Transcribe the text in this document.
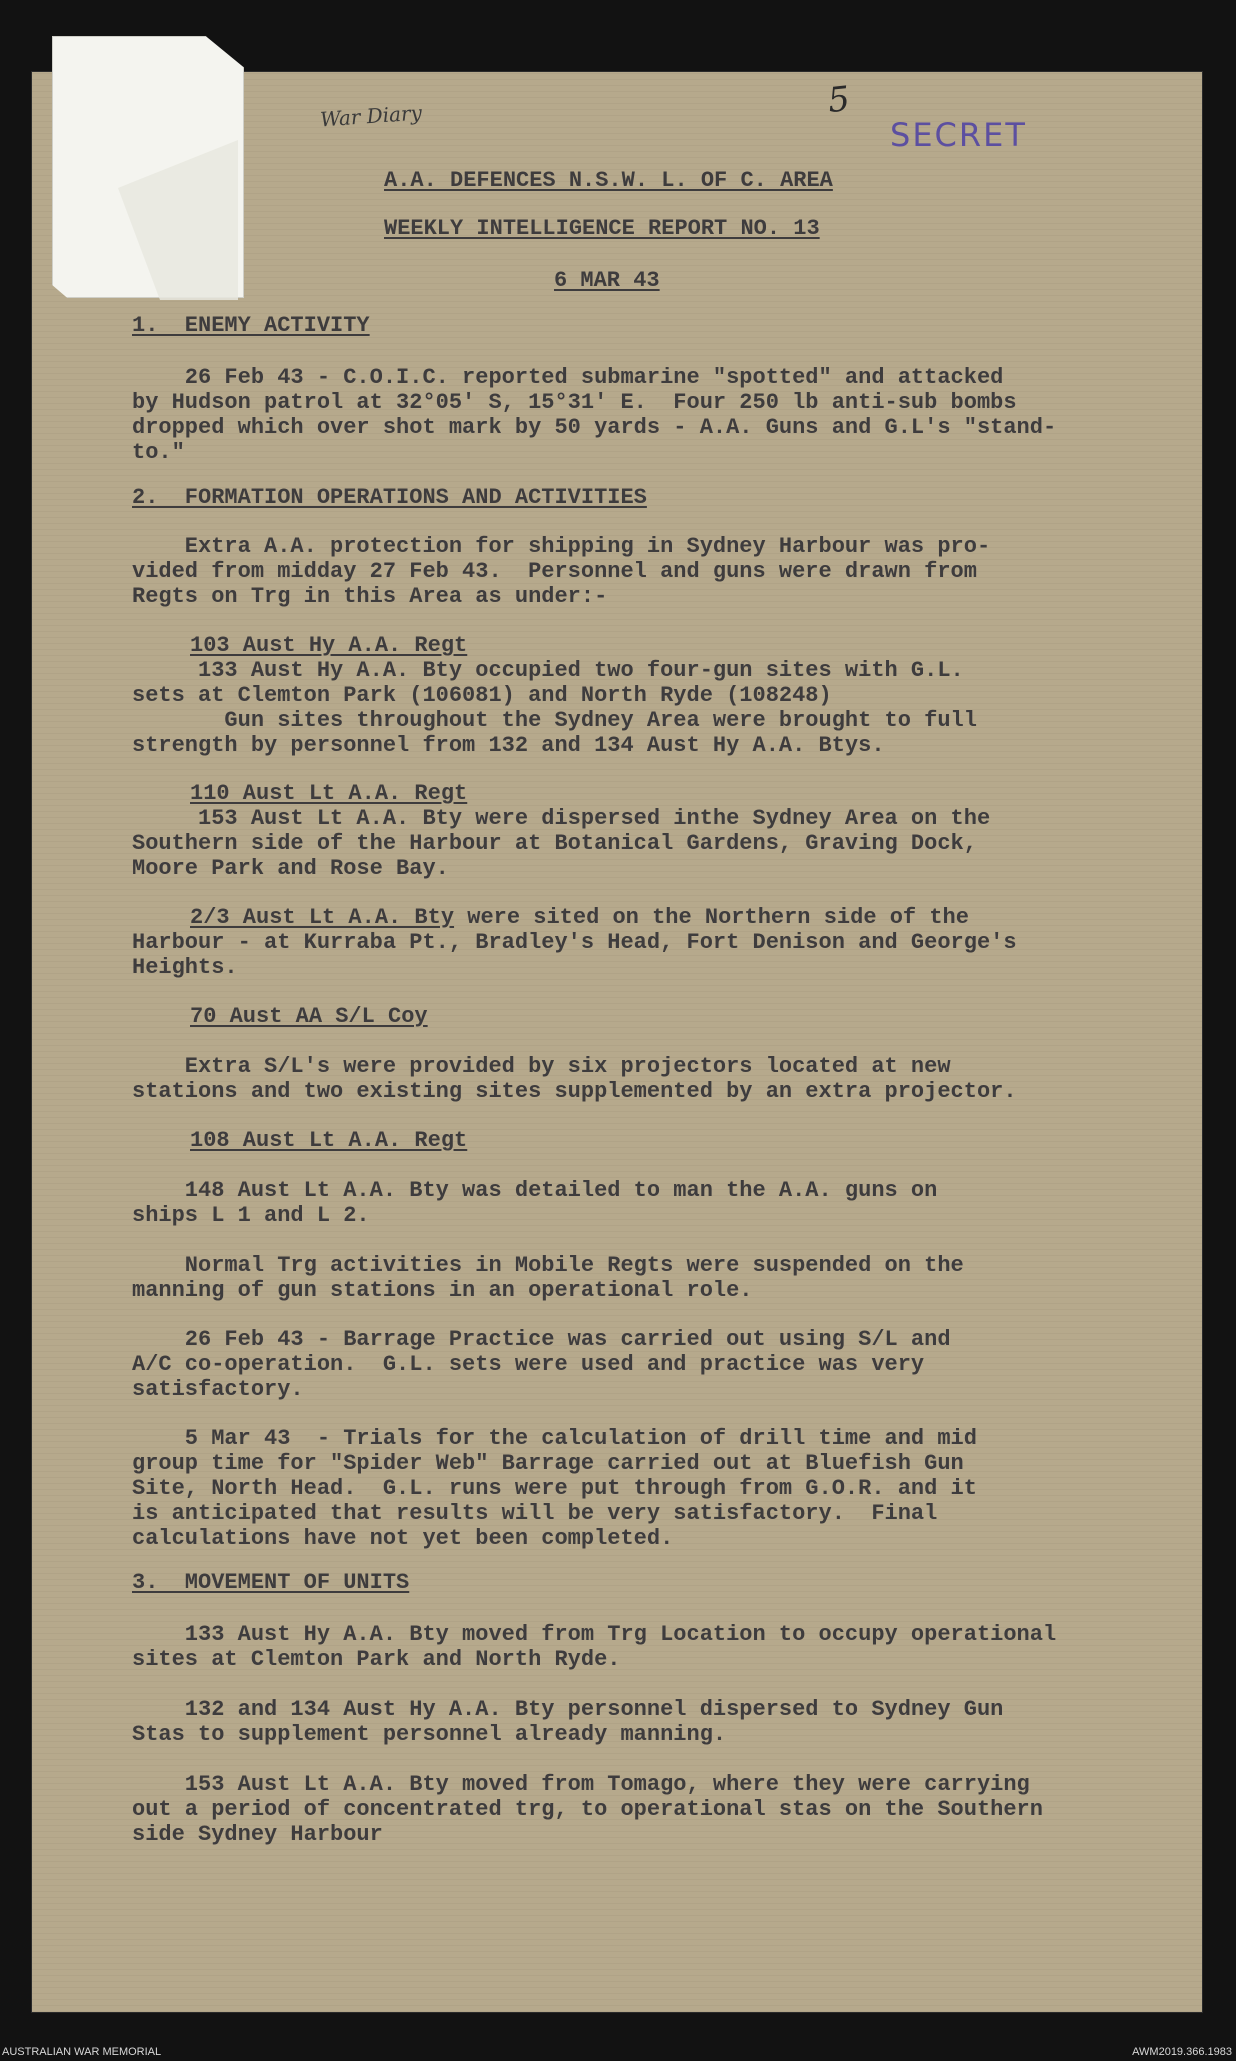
War Diary	5
SECRET
A.A. DEFENCES N.S.W. L. OF C. AREA
WEEKLY INTELLIGENCE REPORT NO. 13
6 MAR 43
1.  ENEMY ACTIVITY
26 Feb 43 - C.O.I.C. reported submarine "spotted" and attacked
by Hudson patrol at 32°05' S, 15°31' E.  Four 250 lb anti-sub bombs
dropped which over shot mark by 50 yards - A.A. Guns and G.L's "stand-
to."
2.  FORMATION OPERATIONS AND ACTIVITIES
Extra A.A. protection for shipping in Sydney Harbour was pro-
vided from midday 27 Feb 43.  Personnel and guns were drawn from
Regts on Trg in this Area as under:-
103 Aust Hy A.A. Regt
133 Aust Hy A.A. Bty occupied two four-gun sites with G.L.
sets at Clemton Park (106081) and North Ryde (108248)
Gun sites throughout the Sydney Area were brought to full
strength by personnel from 132 and 134 Aust Hy A.A. Btys.
110 Aust Lt A.A. Regt
153 Aust Lt A.A. Bty were dispersed inthe Sydney Area on the
Southern side of the Harbour at Botanical Gardens, Graving Dock,
Moore Park and Rose Bay.
2/3 Aust Lt A.A. Bty were sited on the Northern side of the
Harbour - at Kurraba Pt., Bradley's Head, Fort Denison and George's
Heights.
70 Aust AA S/L Coy
Extra S/L's were provided by six projectors located at new
stations and two existing sites supplemented by an extra projector.
108 Aust Lt A.A. Regt
148 Aust Lt A.A. Bty was detailed to man the A.A. guns on
ships L 1 and L 2.
Normal Trg activities in Mobile Regts were suspended on the
manning of gun stations in an operational role.
26 Feb 43 - Barrage Practice was carried out using S/L and
A/C co-operation.  G.L. sets were used and practice was very
satisfactory.
5 Mar 43  - Trials for the calculation of drill time and mid
group time for "Spider Web" Barrage carried out at Bluefish Gun
Site, North Head.  G.L. runs were put through from G.O.R. and it
is anticipated that results will be very satisfactory.  Final
calculations have not yet been completed.
3.  MOVEMENT OF UNITS
133 Aust Hy A.A. Bty moved from Trg Location to occupy operational
sites at Clemton Park and North Ryde.
132 and 134 Aust Hy A.A. Bty personnel dispersed to Sydney Gun
Stas to supplement personnel already manning.
153 Aust Lt A.A. Bty moved from Tomago, where they were carrying
out a period of concentrated trg, to operational stas on the Southern
side Sydney Harbour
AUSTRALIAN WAR MEMORIAL	AWM2019.366.1983
